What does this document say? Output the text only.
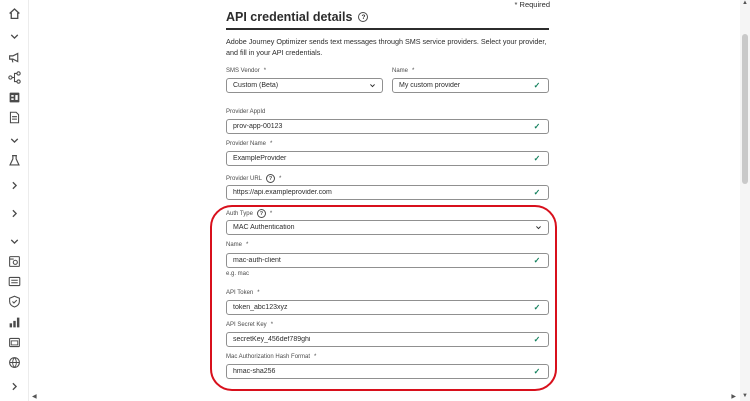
* Required
API credential details	?
Adobe Journey Optimizer sends text messages through SMS service providers. Select your provider, and fill in your API credentials.
SMS Vendor *
Custom (Beta)
Name *
My custom provider	✓
Provider AppId
prov-app-00123	✓
Provider Name *
ExampleProvider	✓
Provider URL	?	*
https://api.exampleprovider.com	✓
Auth Type	?	*
MAC Authentication
Name *
mac-auth-client	✓
e.g. mac
API Token *
token_abc123xyz	✓
API Secret Key *
secretKey_456def789ghi	✓
Mac Authorization Hash Format *
hmac-sha256	✓
▲
▼
◀	▶
